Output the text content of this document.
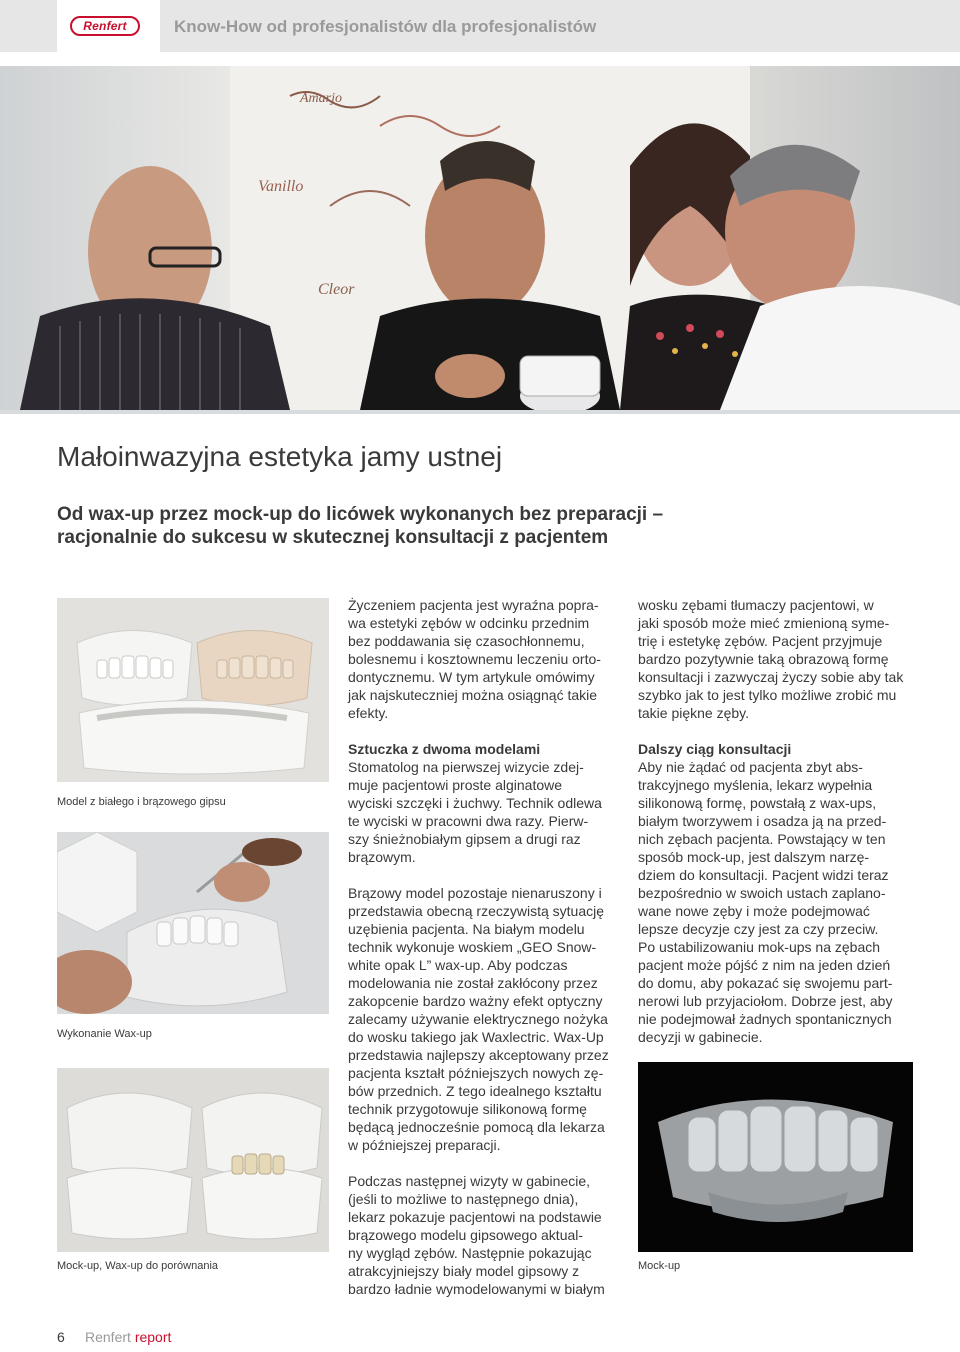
Renfert	Know-How od profesjonalistów dla profesjonalistów
Vanillo
Cleor
Amarjo
Małoinwazyjna estetyka jamy ustnej
Od wax-up przez mock-up do licówek wykonanych bez preparacji –
racjonalnie do sukcesu w skutecznej konsultacji z pacjentem
Model z białego i brązowego gipsu
Wykonanie Wax-up
Mock-up, Wax-up do porównania

Życzeniem pacjenta jest wyraźna popra-
wa estetyki zębów w odcinku przednim
bez poddawania się czasochłonnemu,
bolesnemu i kosztownemu leczeniu orto-
dontycznemu. W tym artykule omówimy
jak najskuteczniej można osiągnąć takie
efekty.

Sztuczka z dwoma modelami

Stomatolog na pierwszej wizycie zdej-
muje pacjentowi proste alginatowe
wyciski szczęki i żuchwy. Technik odlewa
te wyciski w pracowni dwa razy. Pierw-
szy śnieżnobiałym gipsem a drugi raz
brązowym.

Brązowy model pozostaje nienaruszony i
przedstawia obecną rzeczywistą sytuację
uzębienia pacjenta. Na białym modelu
technik wykonuje woskiem „GEO Snow-
white opak L” wax-up. Aby podczas
modelowania nie został zakłócony przez
zakopcenie bardzo ważny efekt optyczny
zalecamy używanie elektrycznego nożyka
do wosku takiego jak Waxlectric. Wax-Up
przedstawia najlepszy akceptowany przez
pacjenta kształt późniejszych nowych zę-
bów przednich. Z tego idealnego kształtu
technik przygotowuje silikonową formę
będącą jednocześnie pomocą dla lekarza
w późniejszej preparacji.

Podczas następnej wizyty w gabinecie,
(jeśli to możliwe to następnego dnia),
lekarz pokazuje pacjentowi na podstawie
brązowego modelu gipsowego aktual-
ny wygląd zębów. Następnie pokazując
atrakcyjniejszy biały model gipsowy z
bardzo ładnie wymodelowanymi w białym

wosku zębami tłumaczy pacjentowi, w
jaki sposób może mieć zmienioną syme-
trię i estetykę zębów. Pacjent przyjmuje
bardzo pozytywnie taką obrazową formę
konsultacji i zazwyczaj życzy sobie aby tak
szybko jak to jest tylko możliwe zrobić mu
takie piękne zęby.

Dalszy ciąg konsultacji

Aby nie żądać od pacjenta zbyt abs-
trakcyjnego myślenia, lekarz wypełnia
silikonową formę, powstałą z wax-ups,
białym tworzywem i osadza ją na przed-
nich zębach pacjenta. Powstający w ten
sposób mock-up, jest dalszym narzę-
dziem do konsultacji. Pacjent widzi teraz
bezpośrednio w swoich ustach zaplano-
wane nowe zęby i może podejmować
lepsze decyzje czy jest za czy przeciw.
Po ustabilizowaniu mok-ups na zębach
pacjent może pójść z nim na jeden dzień
do domu, aby pokazać się swojemu part-
nerowi lub przyjaciołom. Dobrze jest, aby
nie podejmował żadnych spontanicznych
decyzji w gabinecie.

Mock-up
6 Renfert report
